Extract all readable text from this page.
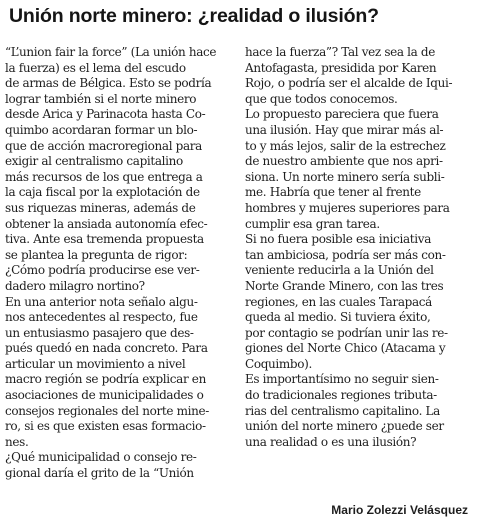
Unión norte minero: ¿realidad o ilusión?
“L’union fair la force” (La unión hace
la fuerza) es el lema del escudo
de armas de Bélgica. Esto se podría
lograr también si el norte minero
desde Arica y Parinacota hasta Co-
quimbo acordaran formar un blo-
que de acción macroregional para
exigir al centralismo capitalino
más recursos de los que entrega a
la caja fiscal por la explotación de
sus riquezas mineras, además de
obtener la ansiada autonomía efec-
tiva. Ante esa tremenda propuesta
se plantea la pregunta de rigor:
¿Cómo podría producirse ese ver-
dadero milagro nortino?
En una anterior nota señalo algu-
nos antecedentes al respecto, fue
un entusiasmo pasajero que des-
pués quedó en nada concreto. Para
articular un movimiento a nivel
macro región se podría explicar en
asociaciones de municipalidades o
consejos regionales del norte mine-
ro, si es que existen esas formacio-
nes.
¿Qué municipalidad o consejo re-
gional daría el grito de la “Unión
hace la fuerza”? Tal vez sea la de
Antofagasta, presidida por Karen
Rojo, o podría ser el alcalde de Iqui-
que que todos conocemos.
Lo propuesto pareciera que fuera
una ilusión. Hay que mirar más al-
to y más lejos, salir de la estrechez
de nuestro ambiente que nos apri-
siona. Un norte minero sería subli-
me. Habría que tener al frente
hombres y mujeres superiores para
cumplir esa gran tarea.
Si no fuera posible esa iniciativa
tan ambiciosa, podría ser más con-
veniente reducirla a la Unión del
Norte Grande Minero, con las tres
regiones, en las cuales Tarapacá
queda al medio. Si tuviera éxito,
por contagio se podrían unir las re-
giones del Norte Chico (Atacama y
Coquimbo).
Es importantísimo no seguir sien-
do tradicionales regiones tributa-
rias del centralismo capitalino. La
unión del norte minero ¿puede ser
una realidad o es una ilusión?
Mario Zolezzi Velásquez
